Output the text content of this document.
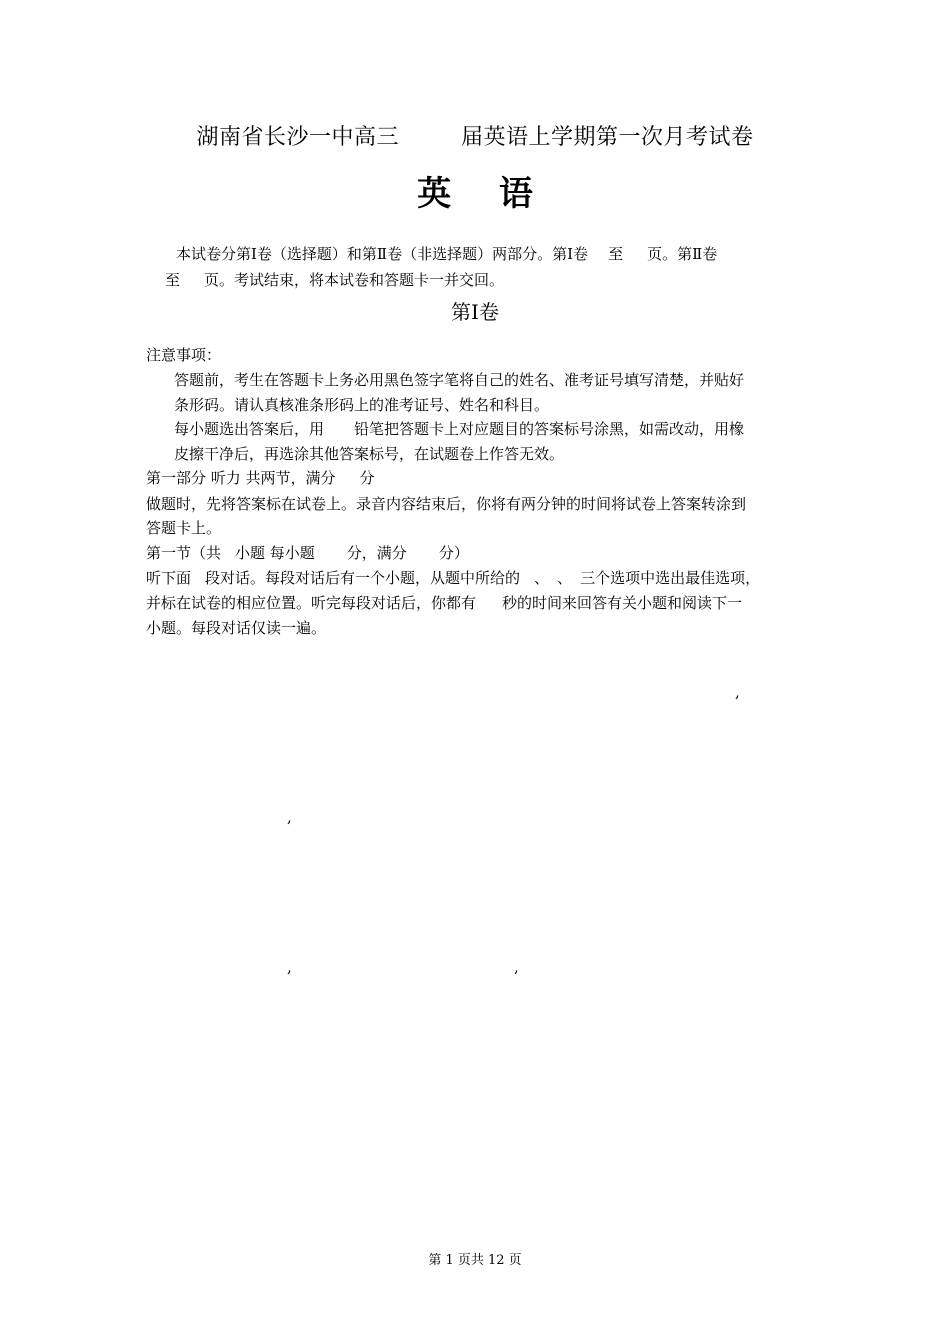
湖南省长沙一中高三	届英语上学期第一次月考试卷
英 语
本试卷分第Ⅰ卷（选择题）和第Ⅱ卷（非选择题）两部分。第Ⅰ卷 至 页。第Ⅱ卷
至 页。考试结束，将本试卷和答题卡一并交回。
第Ⅰ卷
注意事项：
答题前，考生在答题卡上务必用黑色签字笔将自己的姓名、准考证号填写清楚，并贴好
条形码。请认真核准条形码上的准考证号、姓名和科目。
每小题选出答案后，用 铅笔把答题卡上对应题目的答案标号涂黑，如需改动，用橡
皮擦干净后，再选涂其他答案标号，在试题卷上作答无效。
第一部分 听力 共两节，满分 分
做题时，先将答案标在试卷上。录音内容结束后，你将有两分钟的时间将试卷上答案转涂到
答题卡上。
第一节（共 小题 每小题 分，满分 分）
听下面 段对话。每段对话后有一个小题，从题中所给的 、 、 三个选项中选出最佳选项，
并标在试卷的相应位置。听完每段对话后，你都有 秒的时间来回答有关小题和阅读下一
小题。每段对话仅读一遍。
,
,
,	,
第 1 页共 12 页
